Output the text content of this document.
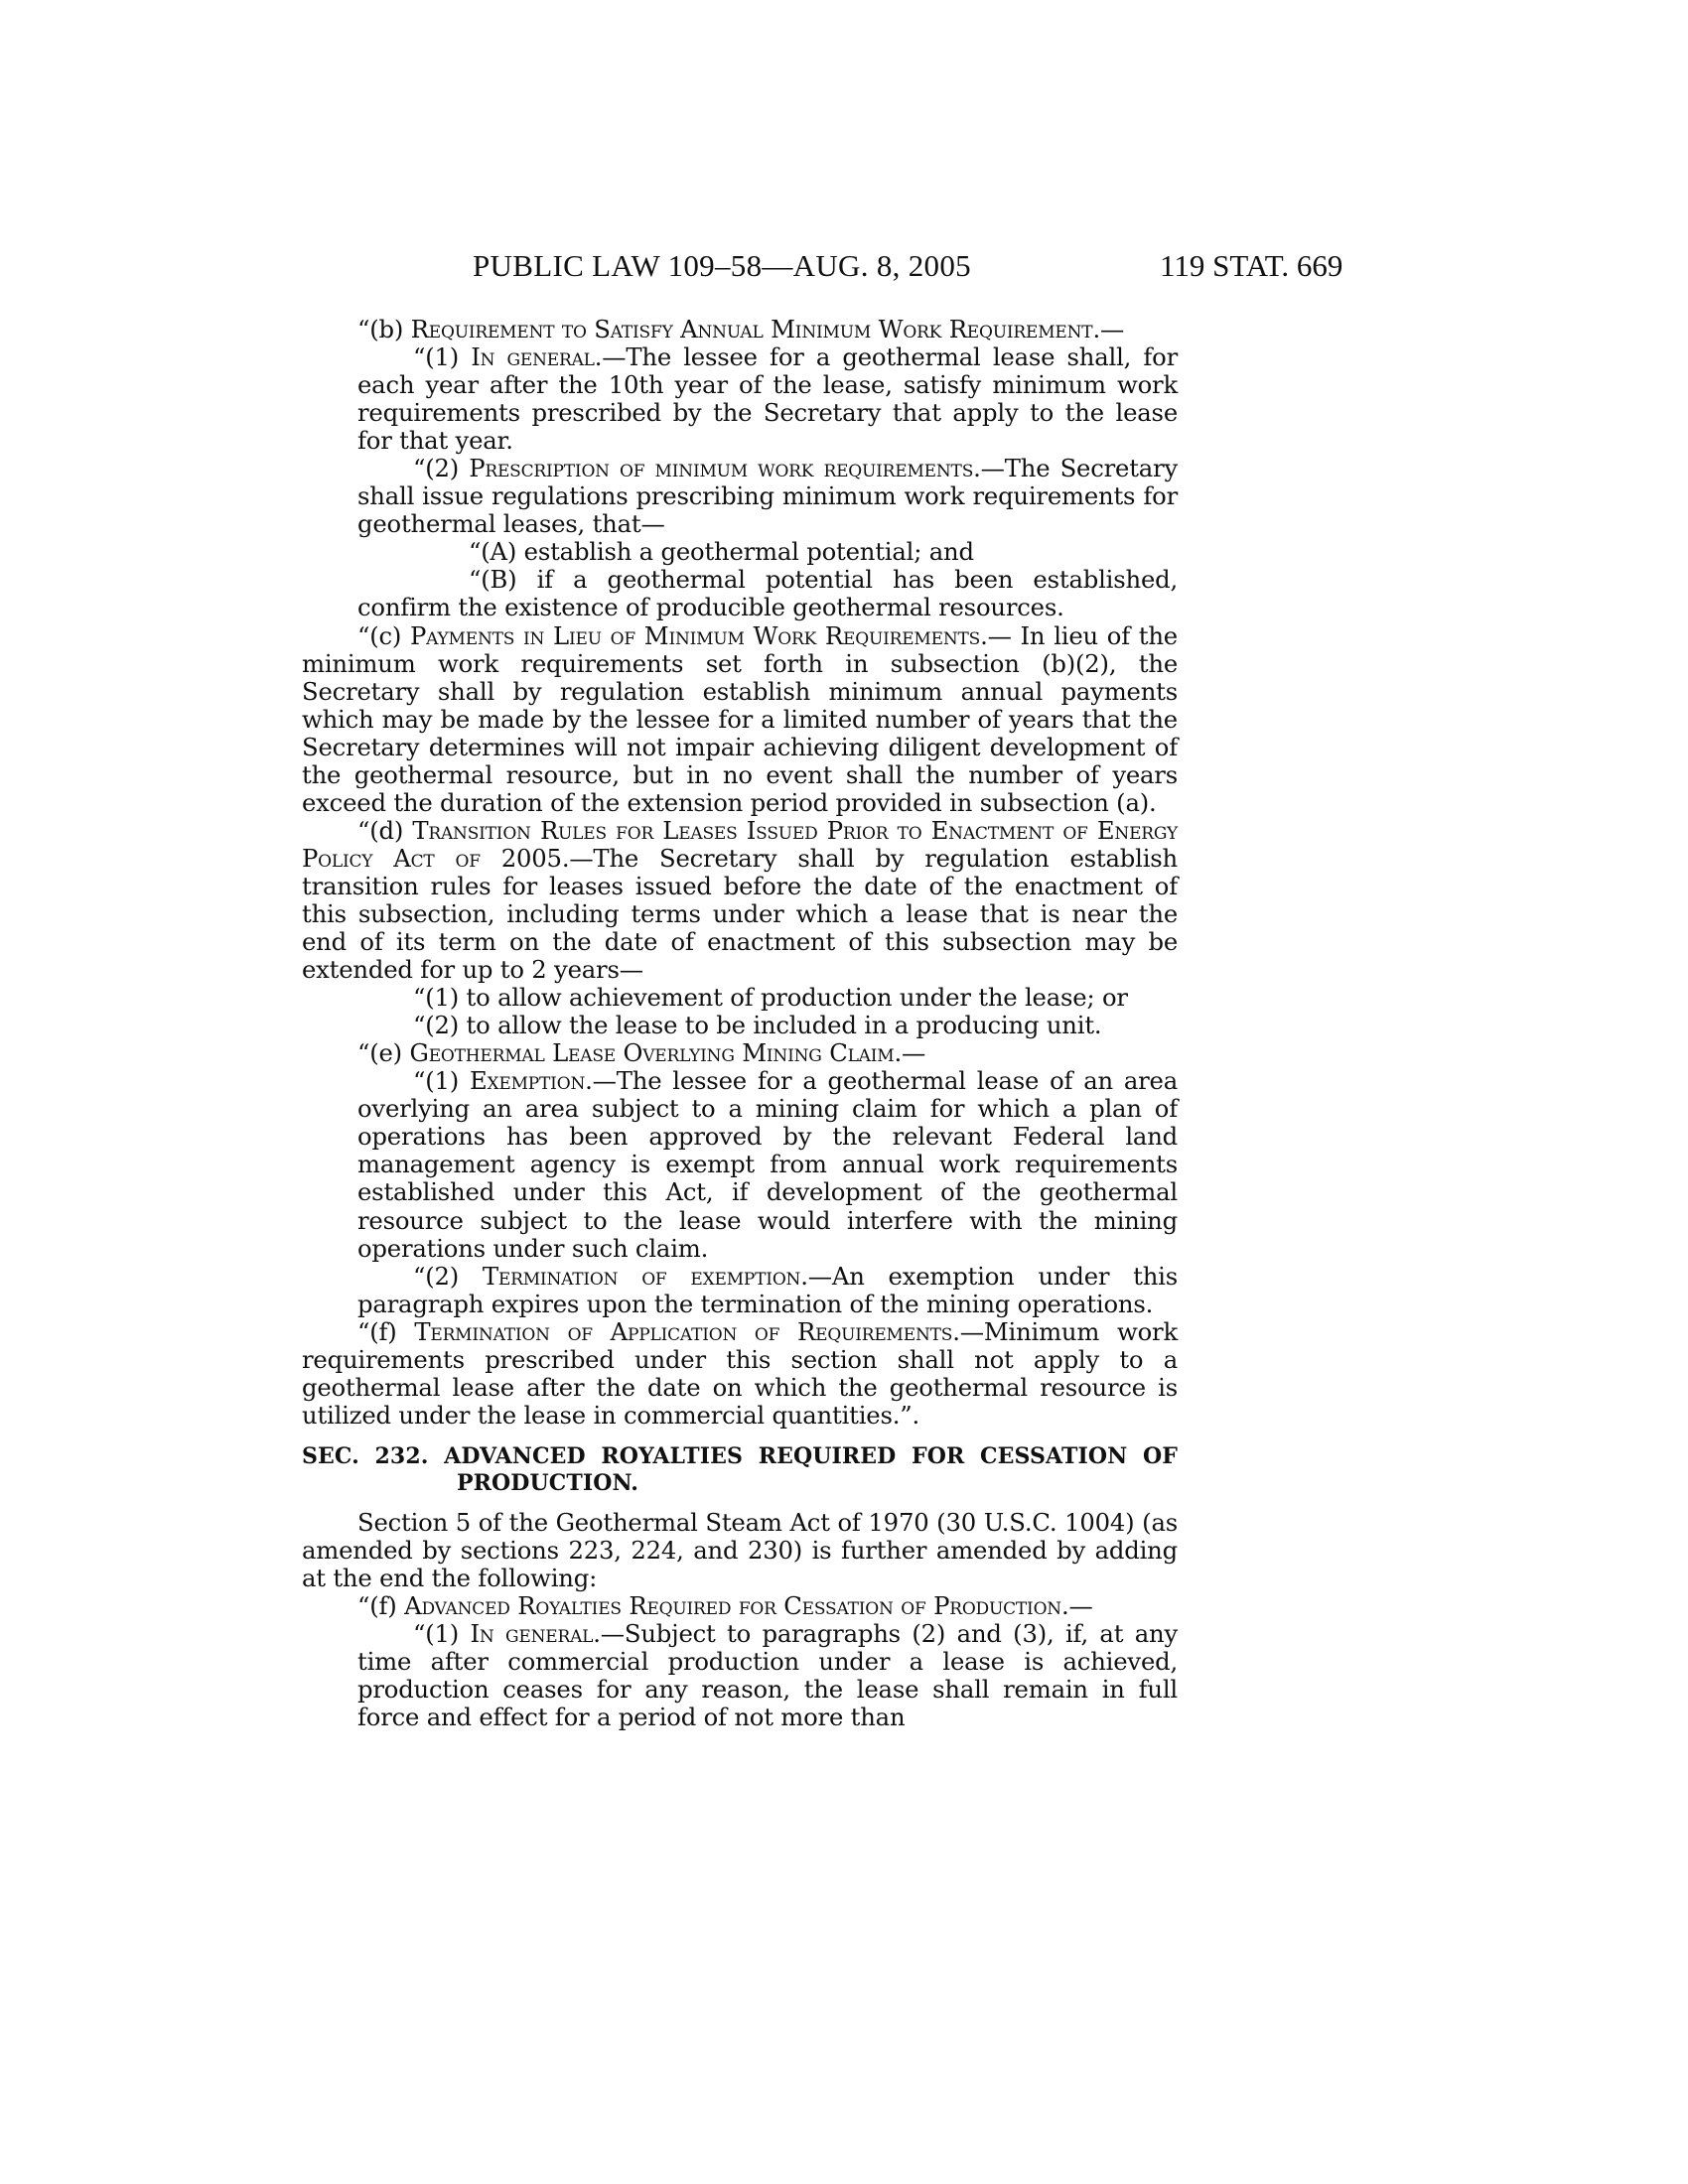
PUBLIC LAW 109–58—AUG. 8, 2005	119 STAT. 669

“(b) Requirement to Satisfy Annual Minimum Work Requirement.—

“(1) In general.—The lessee for a geothermal lease shall, for each year after the 10th year of the lease, satisfy minimum work requirements prescribed by the Secretary that apply to the lease for that year.

“(2) Prescription of minimum work requirements.—The Secretary shall issue regulations prescribing minimum work requirements for geothermal leases, that—

“(A) establish a geothermal potential; and

“(B) if a geothermal potential has been established, confirm the existence of producible geothermal resources.

“(c) Payments in Lieu of Minimum Work Requirements.— In lieu of the minimum work requirements set forth in subsection (b)(2), the Secretary shall by regulation establish minimum annual payments which may be made by the lessee for a limited number of years that the Secretary determines will not impair achieving diligent development of the geothermal resource, but in no event shall the number of years exceed the duration of the extension period provided in subsection (a).

“(d) Transition Rules for Leases Issued Prior to Enactment of Energy Policy Act of 2005.—The Secretary shall by regulation establish transition rules for leases issued before the date of the enactment of this subsection, including terms under which a lease that is near the end of its term on the date of enactment of this subsection may be extended for up to 2 years—

“(1) to allow achievement of production under the lease; or

“(2) to allow the lease to be included in a producing unit.

“(e) Geothermal Lease Overlying Mining Claim.—

“(1) Exemption.—The lessee for a geothermal lease of an area overlying an area subject to a mining claim for which a plan of operations has been approved by the relevant Federal land management agency is exempt from annual work requirements established under this Act, if development of the geothermal resource subject to the lease would interfere with the mining operations under such claim.

“(2) Termination of exemption.—An exemption under this paragraph expires upon the termination of the mining operations.

“(f) Termination of Application of Requirements.—Minimum work requirements prescribed under this section shall not apply to a geothermal lease after the date on which the geothermal resource is utilized under the lease in commercial quantities.”.

SEC. 232. ADVANCED ROYALTIES REQUIRED FOR CESSATION OF PRODUCTION.

Section 5 of the Geothermal Steam Act of 1970 (30 U.S.C. 1004) (as amended by sections 223, 224, and 230) is further amended by adding at the end the following:

“(f) Advanced Royalties Required for Cessation of Production.—

“(1) In general.—Subject to paragraphs (2) and (3), if, at any time after commercial production under a lease is achieved, production ceases for any reason, the lease shall remain in full force and effect for a period of not more than
